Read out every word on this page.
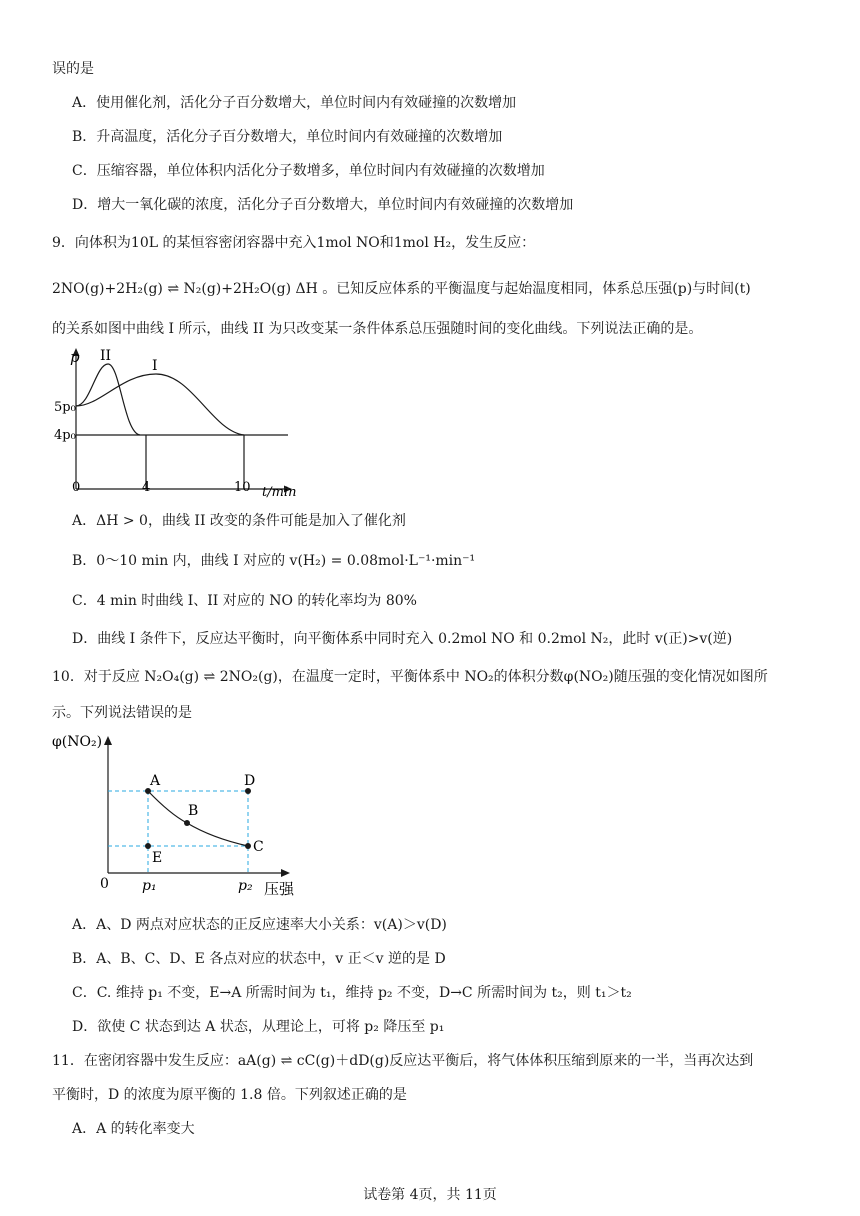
误的是
A．使用催化剂，活化分子百分数增大，单位时间内有效碰撞的次数增加
B．升高温度，活化分子百分数增大，单位时间内有效碰撞的次数增加
C．压缩容器，单位体积内活化分子数增多，单位时间内有效碰撞的次数增加
D．增大一氧化碳的浓度，活化分子百分数增大，单位时间内有效碰撞的次数增加
9．向体积为10L 的某恒容密闭容器中充入1mol NO和1mol H₂，发生反应：
2NO(g)+2H₂(g) ⇌ N₂(g)+2H₂O(g) ΔH 。已知反应体系的平衡温度与起始温度相同，体系总压强(p)与时间(t)
的关系如图中曲线 I 所示，曲线 II 为只改变某一条件体系总压强随时间的变化曲线。下列说法正确的是。
p
t/min
5p₀
4p₀
0	4	10
II
I
A．ΔH > 0，曲线 II 改变的条件可能是加入了催化剂
B．0～10 min 内，曲线 I 对应的 v(H₂) = 0.08mol·L⁻¹·min⁻¹
C．4 min 时曲线 I、II 对应的 NO 的转化率均为 80%
D．曲线 I 条件下，反应达平衡时，向平衡体系中同时充入 0.2mol NO 和 0.2mol N₂，此时 v(正)>v(逆)
10．对于反应 N₂O₄(g) ⇌ 2NO₂(g)，在温度一定时，平衡体系中 NO₂的体积分数φ(NO₂)随压强的变化情况如图所
示。下列说法错误的是
φ(NO₂)
压强
0 p₁	p₂
A
B
C
D
E
A．A、D 两点对应状态的正反应速率大小关系：v(A)＞v(D)
B．A、B、C、D、E 各点对应的状态中，v 正＜v 逆的是 D
C．C. 维持 p₁ 不变，E→A 所需时间为 t₁，维持 p₂ 不变，D→C 所需时间为 t₂，则 t₁＞t₂
D．欲使 C 状态到达 A 状态，从理论上，可将 p₂ 降压至 p₁
11．在密闭容器中发生反应：aA(g) ⇌ cC(g)＋dD(g)反应达平衡后，将气体体积压缩到原来的一半，当再次达到
平衡时，D 的浓度为原平衡的 1.8 倍。下列叙述正确的是
A．A 的转化率变大
试卷第 4页，共 11页
